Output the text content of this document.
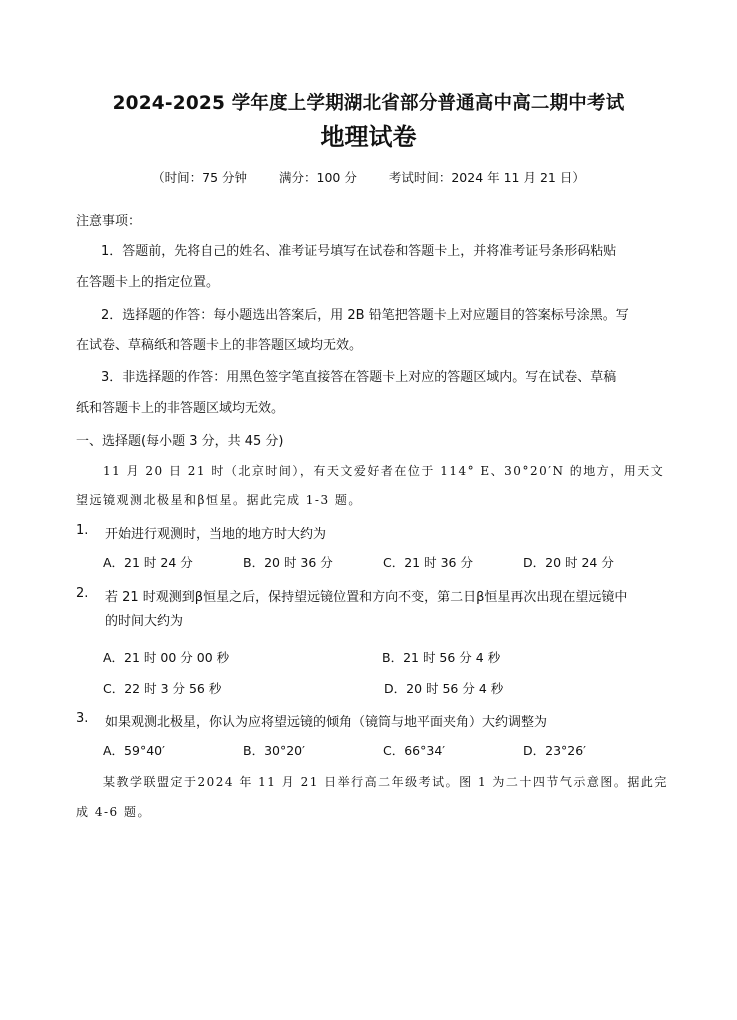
2024-2025 学年度上学期湖北省部分普通高中高二期中考试
地理试卷
（时间：75 分钟	满分：100 分	考试时间：2024 年 11 月 21 日）
注意事项：
1．答题前，先将自己的姓名、准考证号填写在试卷和答题卡上，并将准考证号条形码粘贴
在答题卡上的指定位置。
2．选择题的作答：每小题选出答案后，用 2B 铅笔把答题卡上对应题目的答案标号涂黑。写
在试卷、草稿纸和答题卡上的非答题区域均无效。
3．非选择题的作答：用黑色签字笔直接答在答题卡上对应的答题区域内。写在试卷、草稿
纸和答题卡上的非答题区域均无效。
一、选择题(每小题 3 分，共 45 分)
11 月 20 日 21 时（北京时间），有天文爱好者在位于 114° E、30°20′N 的地方，用天文
望远镜观测北极星和β恒星。据此完成 1-3 题。
1. 开始进行观测时，当地的地方时大约为
A．21 时 24 分	B．20 时 36 分	C．21 时 36 分	D．20 时 24 分
2. 若 21 时观测到β恒星之后，保持望远镜位置和方向不变，第二日β恒星再次出现在望远镜中
的时间大约为
A．21 时 00 分 00 秒	B．21 时 56 分 4 秒
C．22 时 3 分 56 秒	D．20 时 56 分 4 秒
3. 如果观测北极星，你认为应将望远镜的倾角（镜筒与地平面夹角）大约调整为
A．59°40′	B．30°20′	C．66°34′	D．23°26′
某教学联盟定于2024 年 11 月 21 日举行高二年级考试。图 1 为二十四节气示意图。据此完
成 4-6 题。
